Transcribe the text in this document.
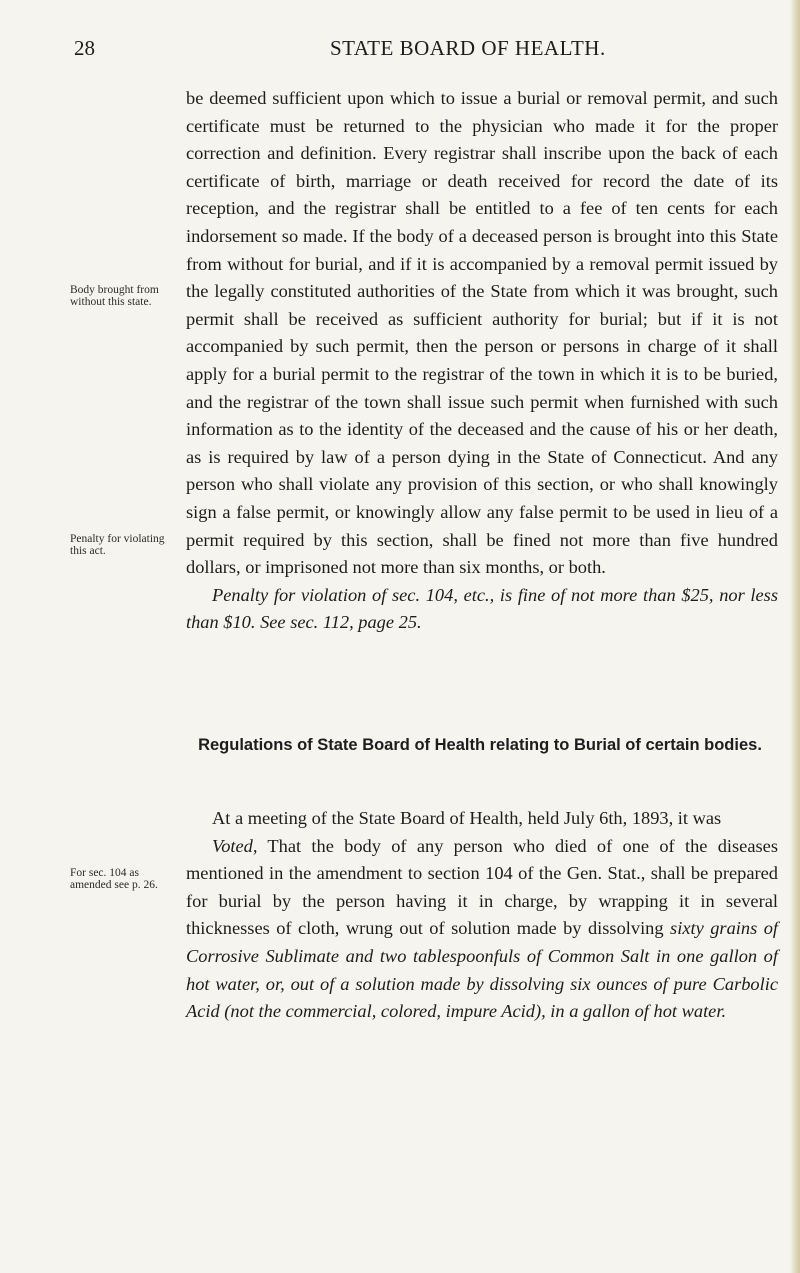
28	STATE BOARD OF HEALTH.

be deemed sufficient upon which to issue a burial or removal permit, and such certificate must be returned to the physician who made it for the proper correction and definition. Every registrar shall inscribe upon the back of each certificate of birth, marriage or death received for record the date of its reception, and the registrar shall be entitled to a fee of ten cents for each indorsement so made. If the body of a deceased person is brought into this State from without for burial, and if it is accompanied by a removal permit issued by the legally constituted authorities of the State from which it was brought, such permit shall be received as sufficient authority for burial; but if it is not accompanied by such permit, then the person or persons in charge of it shall apply for a burial permit to the registrar of the town in which it is to be buried, and the registrar of the town shall issue such permit when furnished with such information as to the identity of the deceased and the cause of his or her death, as is required by law of a person dying in the State of Connecticut. And any person who shall violate any provision of this section, or who shall knowingly sign a false permit, or knowingly allow any false permit to be used in lieu of a permit required by this section, shall be fined not more than five hundred dollars, or imprisoned not more than six months, or both.

Penalty for violation of sec. 104, etc., is fine of not more than $25, nor less than $10. See sec. 112, page 25.

Body brought from without this state.
Penalty for violating this act.
Regulations of State Board of Health relating to Burial of certain bodies.

At a meeting of the State Board of Health, held July 6th, 1893, it was

Voted, That the body of any person who died of one of the diseases mentioned in the amendment to section 104 of the Gen. Stat., shall be prepared for burial by the person having it in charge, by wrapping it in several thicknesses of cloth, wrung out of solution made by dissolving sixty grains of Corrosive Sublimate and two tablespoonfuls of Common Salt in one gallon of hot water, or, out of a solution made by dissolving six ounces of pure Carbolic Acid (not the commercial, colored, impure Acid), in a gallon of hot water.

For sec. 104 as amended see p. 26.
